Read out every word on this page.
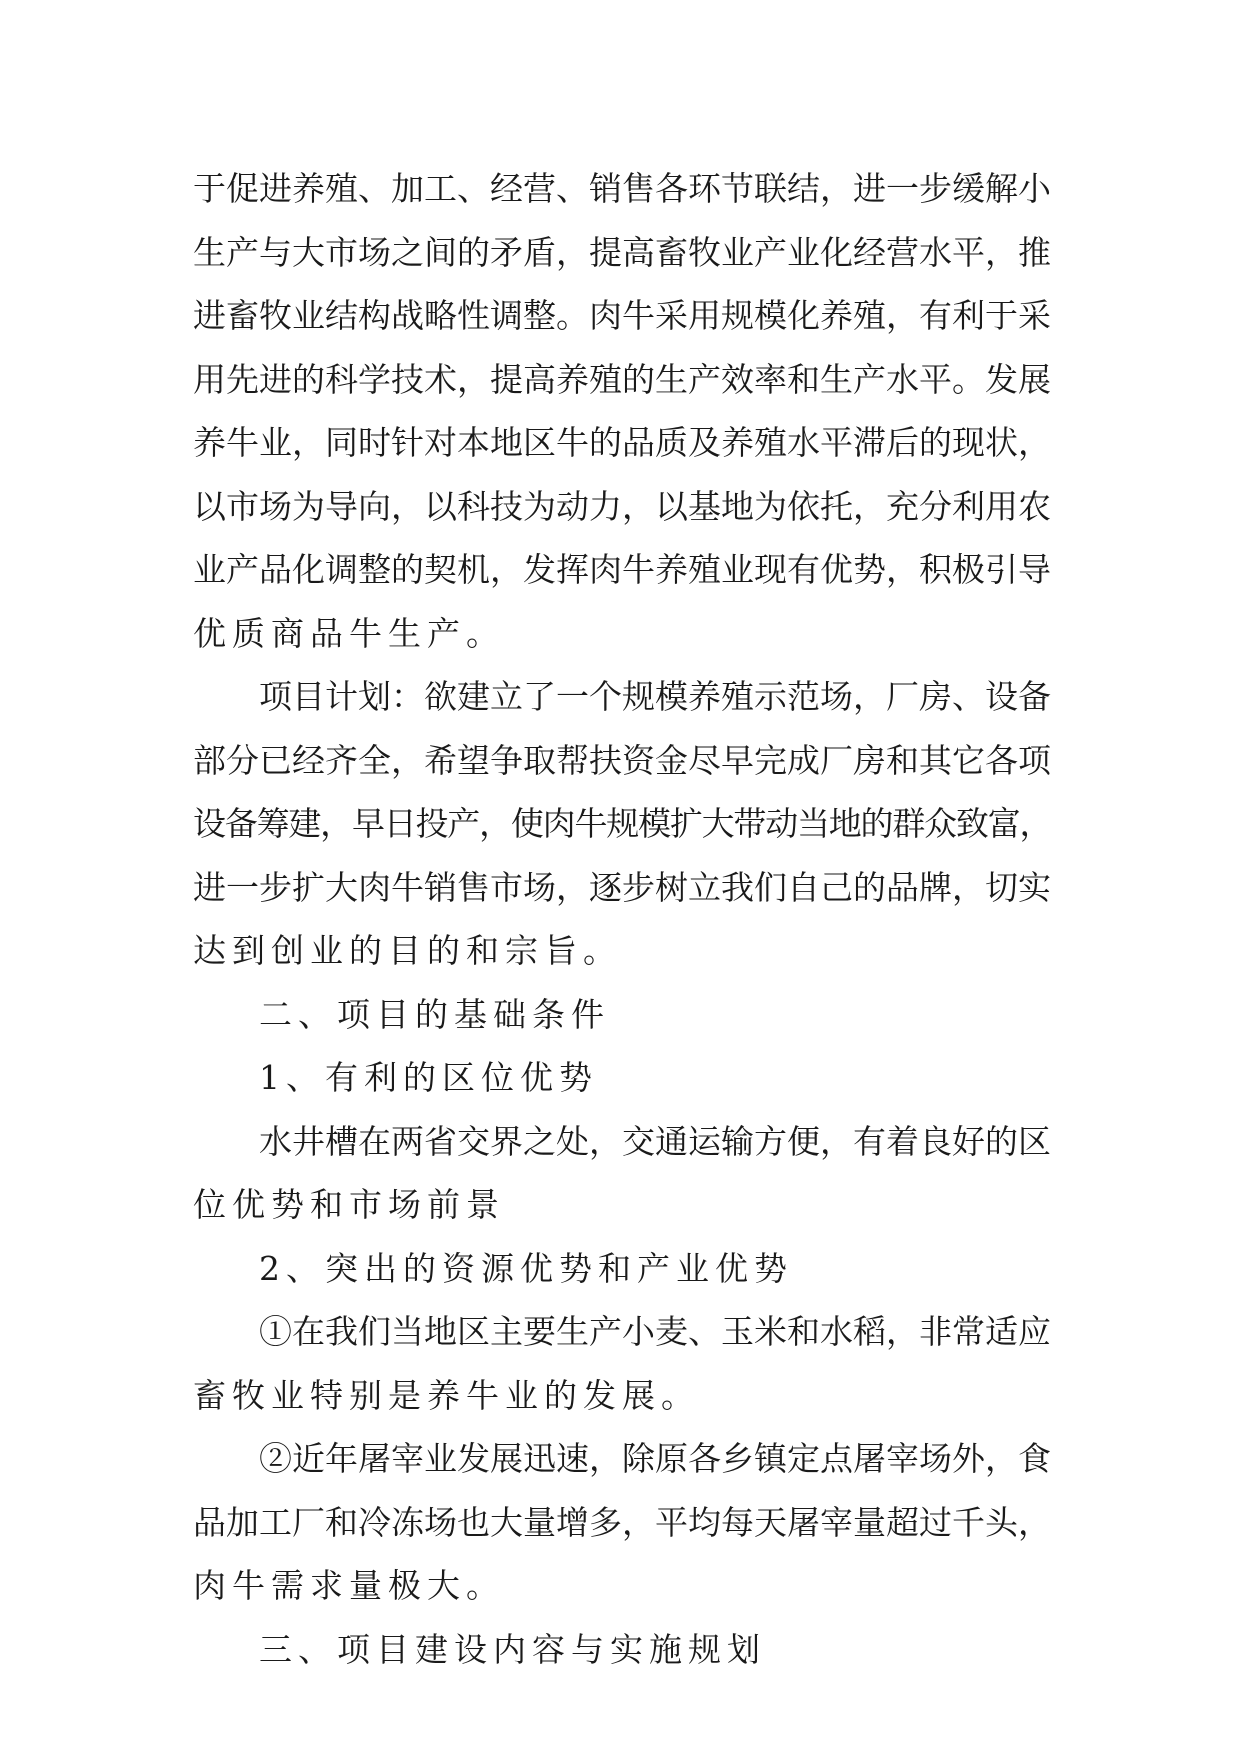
于促进养殖、加工、经营、销售各环节联结，进一步缓解小
生产与大市场之间的矛盾，提高畜牧业产业化经营水平，推
进畜牧业结构战略性调整。肉牛采用规模化养殖，有利于采
用先进的科学技术，提高养殖的生产效率和生产水平。发展
养牛业，同时针对本地区牛的品质及养殖水平滞后的现状，
以市场为导向，以科技为动力，以基地为依托，充分利用农
业产品化调整的契机，发挥肉牛养殖业现有优势，积极引导
优质商品牛生产。
项目计划：欲建立了一个规模养殖示范场，厂房、设备
部分已经齐全，希望争取帮扶资金尽早完成厂房和其它各项
设备筹建，早日投产，使肉牛规模扩大带动当地的群众致富，
进一步扩大肉牛销售市场，逐步树立我们自己的品牌，切实
达到创业的目的和宗旨。
二、项目的基础条件
1、有利的区位优势
水井槽在两省交界之处，交通运输方便，有着良好的区
位优势和市场前景
2、突出的资源优势和产业优势
①在我们当地区主要生产小麦、玉米和水稻，非常适应
畜牧业特别是养牛业的发展。
②近年屠宰业发展迅速，除原各乡镇定点屠宰场外，食
品加工厂和冷冻场也大量增多，平均每天屠宰量超过千头，
肉牛需求量极大。
三、项目建设内容与实施规划
